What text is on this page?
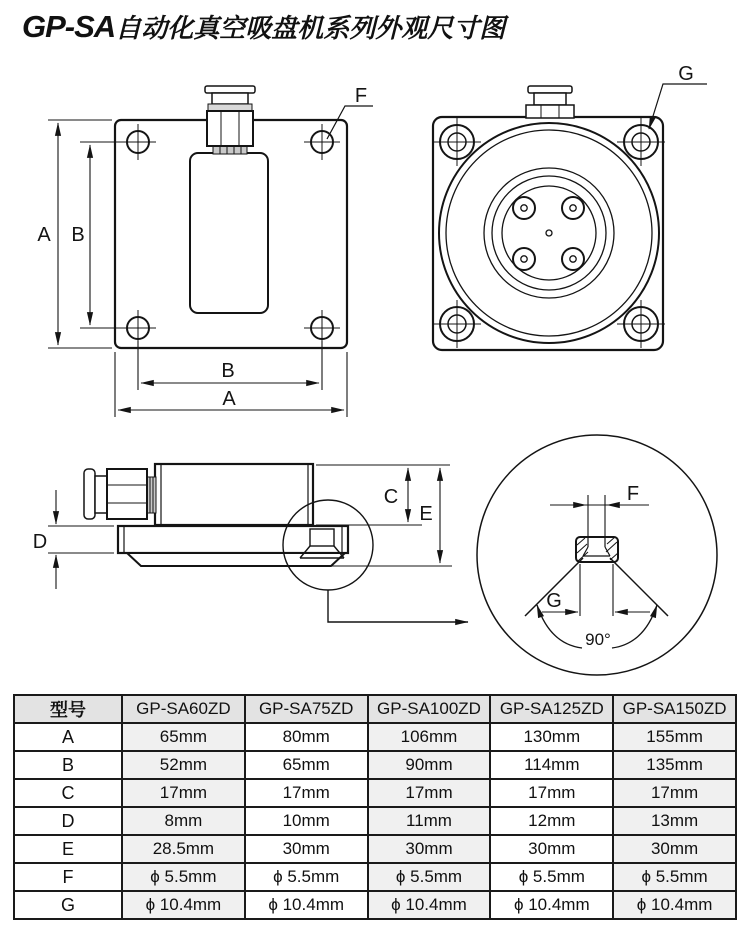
GP-SA 自动化真空吸盘机系列外观尺寸图
A B
B
A
F
G
C
E
D
F
G
90°
型号	GP-SA60ZD	GP-SA75ZD	GP-SA100ZD	GP-SA125ZD	GP-SA150ZD
A	65mm	80mm	106mm	130mm	155mm
B	52mm	65mm	90mm	114mm	135mm
C	17mm	17mm	17mm	17mm	17mm
D	8mm	10mm	11mm	12mm	13mm
E	28.5mm	30mm	30mm	30mm	30mm
F	ϕ 5.5mm	ϕ 5.5mm	ϕ 5.5mm	ϕ 5.5mm	ϕ 5.5mm
G	ϕ 10.4mm	ϕ 10.4mm	ϕ 10.4mm	ϕ 10.4mm	ϕ 10.4mm
